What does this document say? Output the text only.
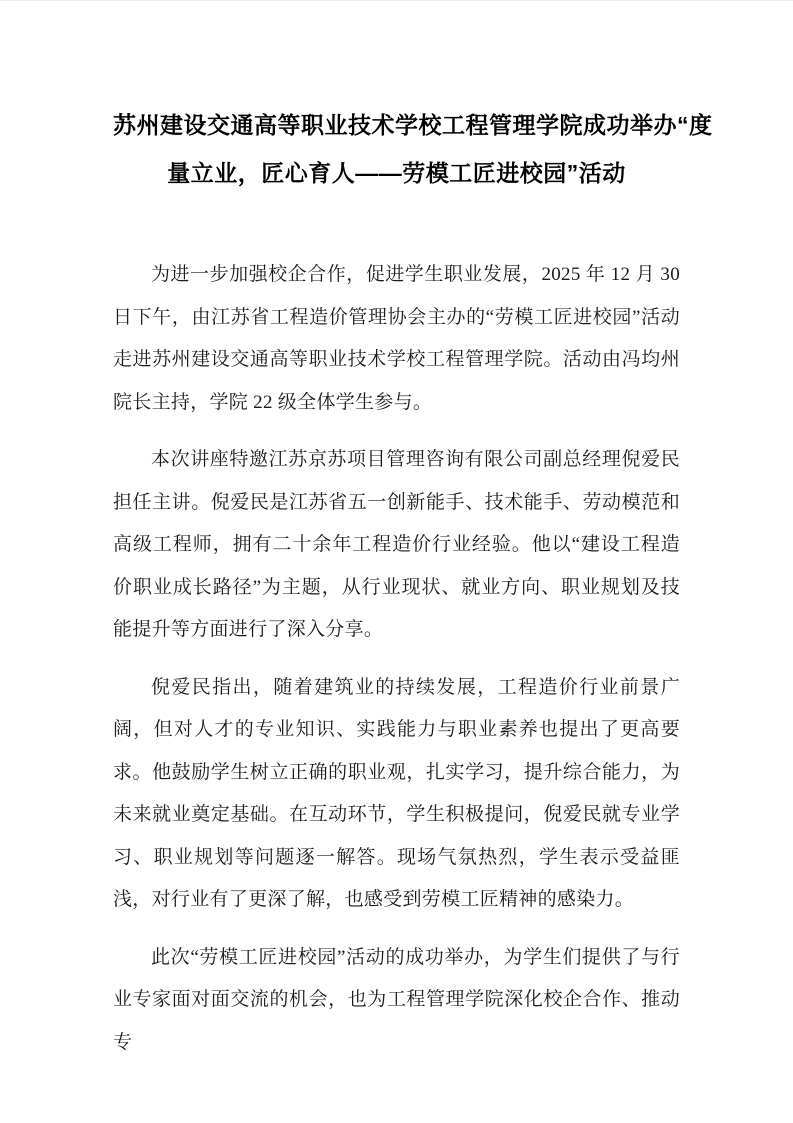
苏州建设交通高等职业技术学校工程管理学院成功举办“度
量立业，匠心育人——劳模工匠进校园”活动

为进一步加强校企合作，促进学生职业发展，2025 年 12 月 30 日下午，由江苏省工程造价管理协会主办的“劳模工匠进校园”活动走进苏州建设交通高等职业技术学校工程管理学院。活动由冯均州院长主持，学院 22 级全体学生参与。

本次讲座特邀江苏京苏项目管理咨询有限公司副总经理倪爱民担任主讲。倪爱民是江苏省五一创新能手、技术能手、劳动模范和高级工程师，拥有二十余年工程造价行业经验。他以“建设工程造价职业成长路径”为主题，从行业现状、就业方向、职业规划及技能提升等方面进行了深入分享。

倪爱民指出，随着建筑业的持续发展，工程造价行业前景广阔，但对人才的专业知识、实践能力与职业素养也提出了更高要求。他鼓励学生树立正确的职业观，扎实学习，提升综合能力，为未来就业奠定基础。在互动环节，学生积极提问，倪爱民就专业学习、职业规划等问题逐一解答。现场气氛热烈，学生表示受益匪浅，对行业有了更深了解，也感受到劳模工匠精神的感染力。

此次“劳模工匠进校园”活动的成功举办，为学生们提供了与行业专家面对面交流的机会，也为工程管理学院深化校企合作、推动专
